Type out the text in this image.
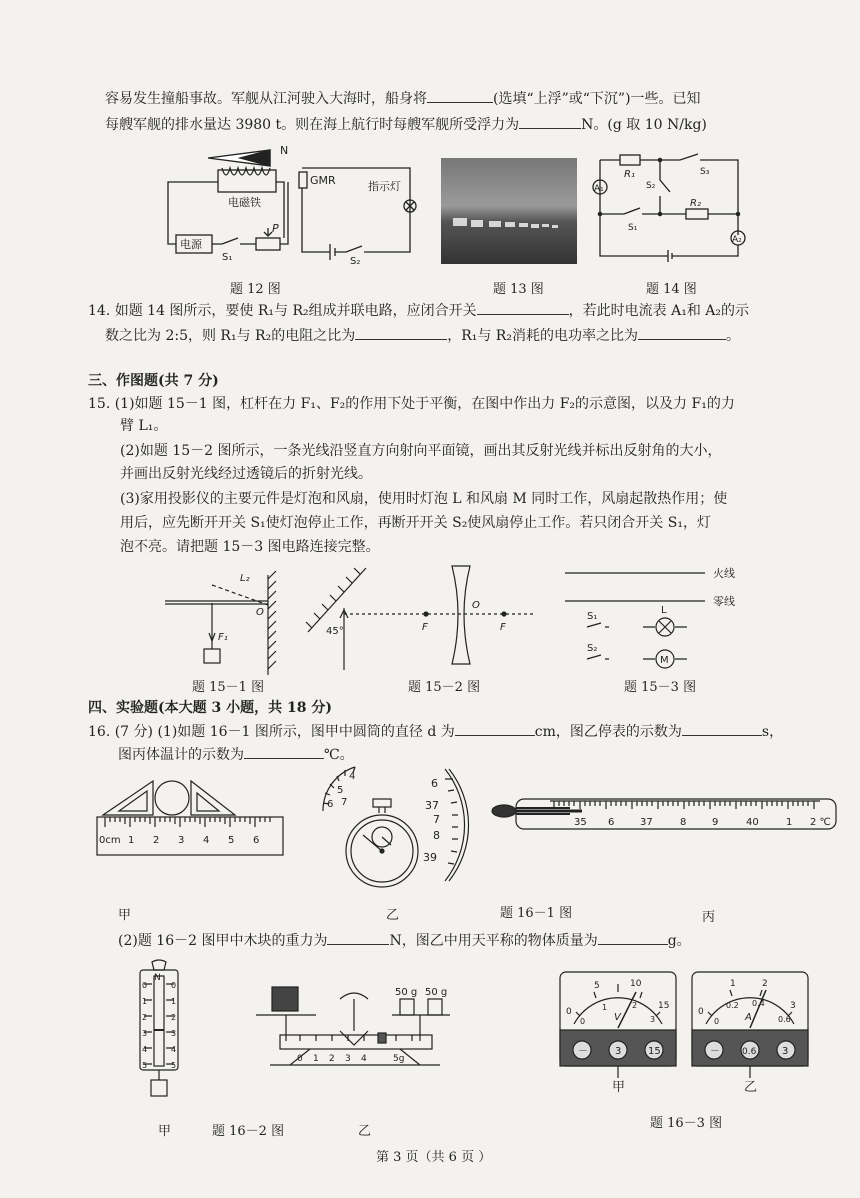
容易发生撞船事故。军舰从江河驶入大海时，船身将	(选填“上浮”或“下沉”)一些。已知
每艘军舰的排水量达 3980 t。则在海上航行时每艘军舰所受浮力为	N。(g 取 10 N/kg)
N
电磁铁
电源
S₁
P
GMR	指示灯
S₂
题 12 图	题 13 图
A₁
A₂
R₁
R₂
S₁
S₂
S₃
题 14 图
14. 如题 14 图所示，要使 R₁与 R₂组成并联电路，应闭合开关	，若此时电流表 A₁和 A₂的示
数之比为 2:5，则 R₁与 R₂的电阻之比为	，R₁与 R₂消耗的电功率之比为	。
三、作图题(共 7 分)
15. (1)如题 15－1 图，杠杆在力 F₁、F₂的作用下处于平衡，在图中作出力 F₂的示意图，以及力 F₁的力
臂 L₁。
(2)如题 15－2 图所示，一条光线沿竖直方向射向平面镜，画出其反射光线并标出反射角的大小，
并画出反射光线经过透镜后的折射光线。
(3)家用投影仪的主要元件是灯泡和风扇，使用时灯泡 L 和风扇 M 同时工作，风扇起散热作用；使
用后，应先断开开关 S₁使灯泡停止工作，再断开开关 S₂使风扇停止工作。若只闭合开关 S₁，灯
泡不亮。请把题 15－3 图电路连接完整。
L₂
O
F₁
题 15－1 图
45°	F
O
F
题 15－2 图
火线
零线
S₁
S₂
L
M
题 15－3 图
四、实验题(本大题 3 小题，共 18 分)
16. (7 分) (1)如题 16－1 图所示，图甲中圆筒的直径 d 为	cm，图乙停表的示数为	s，
图丙体温计的示数为	℃。
0cm 1 2 3 4 5 6
甲
4
5
6 7
6
37
7
8
39
乙
35 6	37	8	9	40	1 2 ℃
丙
题 16－1 图
(2)题 16－2 图甲中木块的重力为	N，图乙中用天平称的物体质量为	g。
N
0
1
2
3
4
5
0
1
2
3
4
5
甲	题 16－2 图
50 g 50 g
0 1 2 3 4	5g
乙
0
5	10
15
0
1	2
3
V
－	3	15
甲
0
1	2
3
0
0.2 0.4
0.6
A
－ 0.6	3
乙
题 16－3 图
第 3 页（共 6 页 ）
